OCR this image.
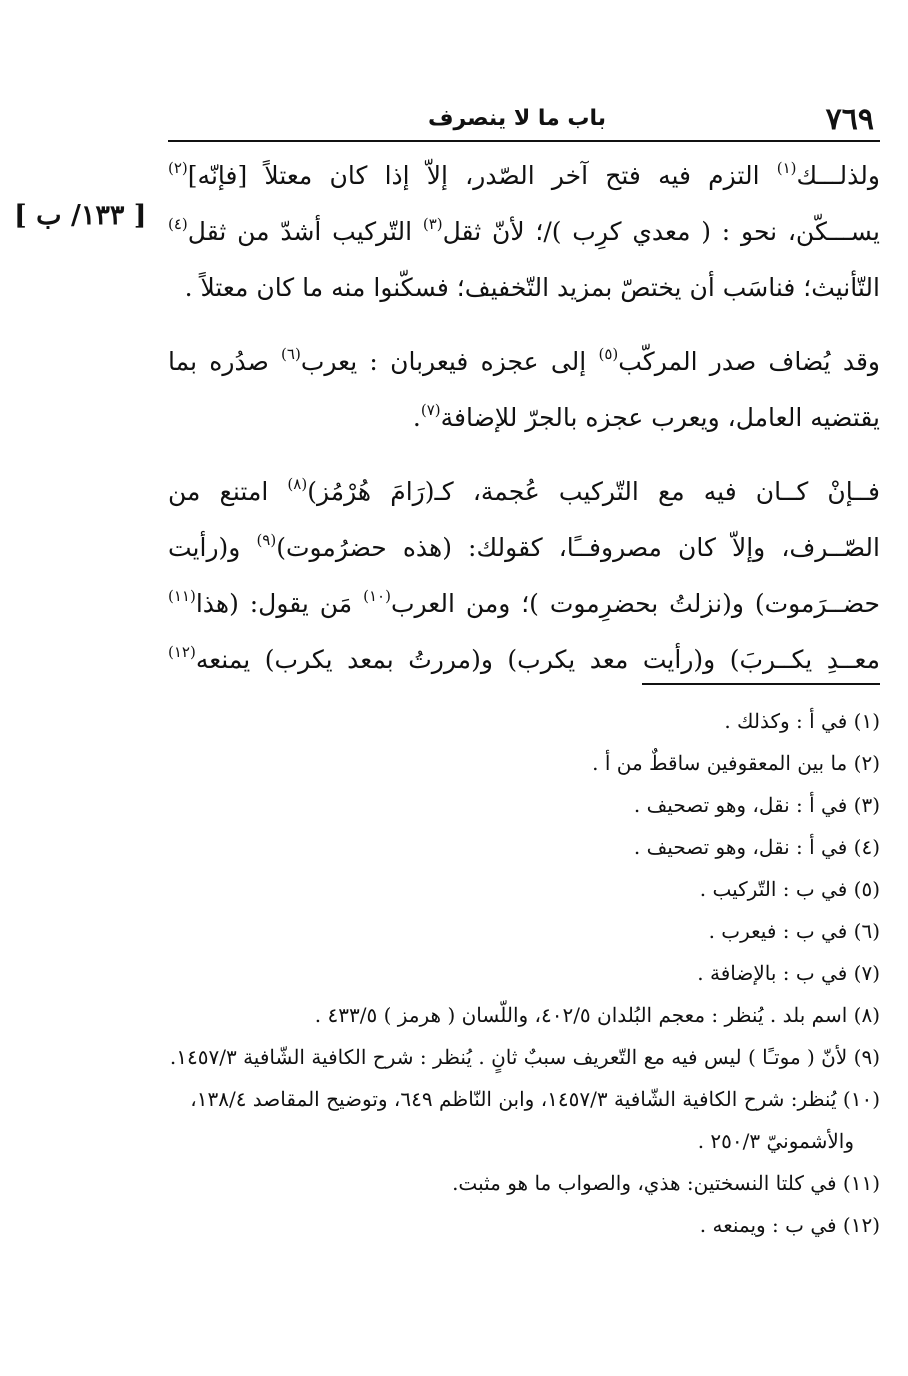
٧٦٩
باب ما لا ينصرف
[ ١٣٣/ ب ]

ولذلـــك$^{(١)}$ التزم فيه فتح آخر الصّدر، إلاّ إذا كان معتلاً [فإنّه]$^{(٢)}$
يســـكّن، نحو : ( معدي كرِب )/؛ لأنّ ثقل$^{(٣)}$ التّركيب أشدّ من ثقل$^{(٤)}$
التّأنيث؛ فناسَب أن يختصّ بمزيد التّخفيف؛ فسكّنوا منه ما كان معتلاً .

وقد يُضاف صدر المركّب$^{(٥)}$ إلى عجزه فيعربان : يعرب$^{(٦)}$ صدُره بما
يقتضيه العامل، ويعرب عجزه بالجرّ للإضافة$^{(٧)}$.

فــإنْ كــان فيه مع التّركيب عُجمة، كـ(رَامَ هُرْمُز)$^{(٨)}$ امتنع من
الصّــرف، وإلاّ كان مصروفــًا، كقولك: (هذه حضرُموت)$^{(٩)}$ و(رأيت
حضــرَموت) و(نزلتُ بحضرِموت )؛ ومن العرب$^{(١٠)}$ مَن يقول: (هذا$^{(١١)}$
معــدِ يكــربَ) و(رأيت معد يكرب) و(مررتُ بمعد يكرب) يمنعه$^{(١٢)}$

(١) في أ : وكذلك .

(٢) ما بين المعقوفين ساقطٌ من أ .

(٣) في أ : نقل، وهو تصحيف .

(٤) في أ : نقل، وهو تصحيف .

(٥) في ب : التّركيب .

(٦) في ب : فيعرب .

(٧) في ب : بالإضافة .

(٨) اسم بلد . يُنظر : معجم البُلدان ٤٠٢/٥، واللّسان ( هرمز ) ٤٣٣/٥ .

(٩) لأنّ ( موتـًا ) ليس فيه مع التّعريف سببٌ ثانٍ . يُنظر : شرح الكافية الشّافية ١٤٥٧/٣.

(١٠) يُنظر: شرح الكافية الشّافية ١٤٥٧/٣، وابن النّاظم ٦٤٩، وتوضيح المقاصد ١٣٨/٤،

والأشمونيّ ٢٥٠/٣ .

(١١) في كلتا النسختين: هذي، والصواب ما هو مثبت.

(١٢) في ب : ويمنعه .
